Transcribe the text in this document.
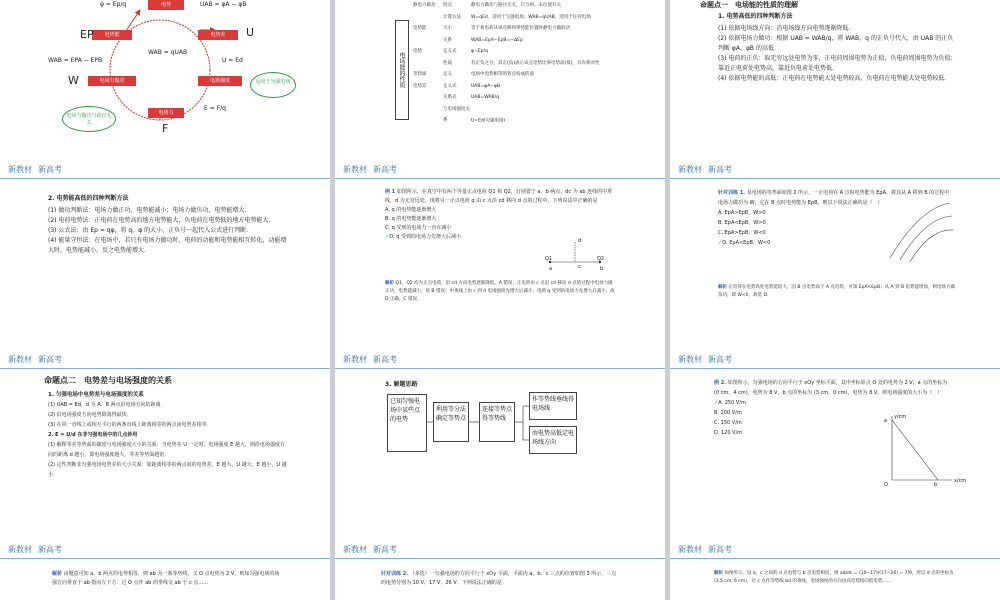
电势
电势能	电势差
电场力做功	电场强度
电场力
φ = Ep/q	UAB = φA − φB
WAB = qUAB
WAB = EPA − EPB	U = Ed
E = F/q
EP	U
W
F
电场力做功与路径无关
适用于匀强电场	电场能的性质

静电力做功 特点	静电力做功与路径无关，只与初、末位置有关

计算方法 W=qEd，适用于匀强电场；WAB=qUAB，适用于任何电场

电势能	大小	等于将电荷从该点移到零势能位置时静电力做的功

关系	WAB=EpA−EpB=−ΔEp

电势	定义式	φ=Ep/q

性质	有正负之分，其正(负)表示该点电势比零电势高(低)，具有相对性

等势面	定义	电场中电势相等的各点构成的面

电势差	定义式	UAB=φA−φB

关系式	UAB=WAB/q

与电场强度关系	U=Ed(匀强电场)

命题点一　电场能的性质的理解
1. 电势高低的四种判断方法

(1) 依据电场线方向：沿电场线方向电势逐渐降低．

(2) 依据电场力做功：根据 UAB = WAB/q，将 WAB、q 的正负号代入，由 UAB 的正负判断 φA、φB 的高低．

(3) 电荷的正负：取无穷远处电势为零，正电荷周围电势为正值，负电荷周围电势为负值；靠近正电荷处电势高，靠近负电荷处电势低．

(4) 依据电势能的高低：正电荷在电势能大处电势较高，负电荷在电势能大处电势较低．

新教材 新高考
2. 电势能高低的四种判断方法

(1) 做功判断法：电场力做正功，电势能减小；电场力做负功，电势能增大．

(2) 电荷电势法：正电荷在电势高的地方电势能大，负电荷在电势低的地方电势能大．

(3) 公式法：由 Ep = qφ，将 q、φ 的大小、正负号一起代入公式进行判断．

(4) 能量守恒法：在电场中，若只有电场力做功时，电荷的动能和电势能相互转化，动能增大时，电势能减小，反之电势能增大．

新教材 新高考

例 1 如图所示，在真空中有两个等量正点电荷 Q1 和 Q2，分别置于 a、b 两点，dc 为 ab 连线的中垂线，d 为无穷远处，现将另一正点电荷 q 由 c 点沿 cd 移向 d 点的过程中，下列说法中正确的是

A. q 的电势能逐渐增大

B. q 的电势能逐渐增大

C. q 受到的电场力一直在减小

✓D. q 受到的电场力先增大后减小

Q1	Q2
a	b
d
c

解析 Q1、Q2 均为正点电荷，沿 cd 方向电势逐渐降低，A 错误；正电荷由 c 点沿 cd 移向 d 点的过程中电场力做正功，电势能减小，故 B 错误；中垂线上由 c 到 d 电场强度先增大后减小，电荷 q 受到的电场力先增大后减小，故 D 正确，C 错误．

新教材 新高考

针对训练 1. 某电场的等势面如图 2 所示，一正电荷在 A 点时电势能为 EpA，将其从 A 移到 B 的过程中电场力做功为 W，它在 B 点时电势能为 EpB，则以下说法正确的是（　）

A. EpA>EpB，W>0

B. EpA<EpB，W>0

C. EpA>EpB，W<0

✓D. EpA<EpB，W<0

解析 正电荷在电势高处电势能较大，因 B 点电势高于 A 点电势，可知 EpA<EpB；从 A 到 B 电势能增加，则电场力做负功，即 W<0，故选 D.

新教材 新高考
命题点二　电势差与电场强度的关系
1. 匀强电场中电势差与电场强度的关系

(1) UAB = Ed，d 为 A、B 两点沿电场方向的距离．

(2) 沿电场强度方向电势降落得最快．

(3) 在同一直线上或相互平行的两条直线上距离相等的两点间电势差相等．

2. E = U/d 在非匀强电场中的几点妙用

(1) 解释等差等势面的疏密与电场强度大小的关系：当电势差 U 一定时，电场强度 E 越大，则沿电场强度方向的距离 d 越小，即电场强度越大，等差等势面越密．

(2) 定性判断非匀强电场电势差的大小关系：如距离相等的两点间的电势差，E 越大，U 越大；E 越小，U 越小．

新教材 新高考
3. 解题思路
已知匀强电场中某些点的电势
利用等分法确定等势点
连接等势点得等势线
作等势线垂线得电场线
由电势高低定电场线方向
新教材 新高考

例 2. 如图所示，匀强电场的方向平行于 xOy 坐标平面，其中坐标原点 O 处的电势为 2 V，a 点的坐标为 (0 cm，4 cm)，电势为 8 V，b 点的坐标为 (3 cm，0 cm)，电势为 8 V，则电场强度的大小为（　）

✓A. 250 V/m

B. 200 V/m

C. 150 V/m

D. 120 V/m

y/cm
x/cm
O
a
b
新教材 新高考

解析 由题意可知 a、b 两点的电势相等，则 ab 为一条等势线，又 O 点电势为 2 V，则知匀强电场的场强方向垂直于 ab 指向左下方．过 O 点作 ab 的垂线交 ab 于 c 点……

新教材 新高考

针对训练 2. （多选）一匀强电场的方向平行于 xOy 平面，平面内 a、b、c 三点的位置如图 3 所示，三点的电势分别为 10 V、17 V、26 V．下列说法正确的是

新教材 新高考

解析 如图所示，设 a、c 之间的 d 点电势与 b 点电势相同，则 ad/dc = (10−17)/(17−26) = 7/9，所以 d 点的坐标为 (3.5 cm, 6 cm)，过 c 点作等势线 bd 的垂线，电场强度的方向由高电势指向低电势……
